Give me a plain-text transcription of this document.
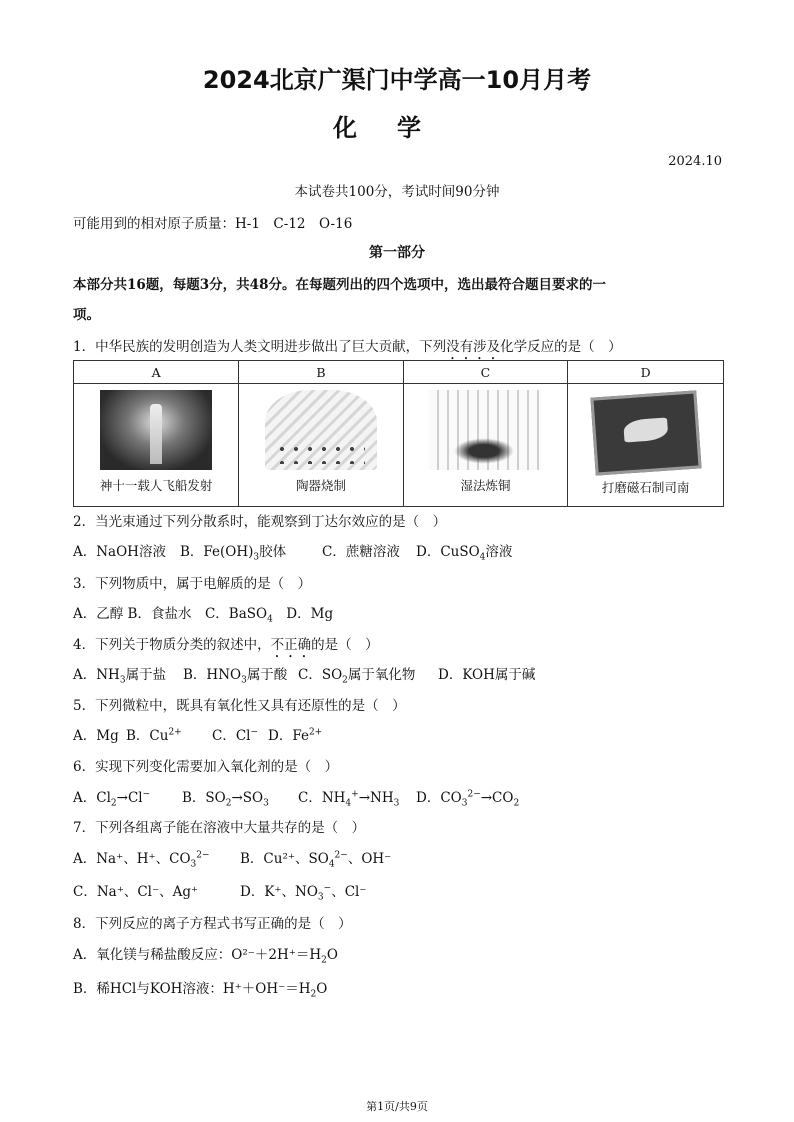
2024北京广渠门中学高一10月月考
化学
2024.10
本试卷共100分，考试时间90分钟
可能用到的相对原子质量：H-1　C-12　O-16
第一部分
本部分共16题，每题3分，共48分。在每题列出的四个选项中，选出最符合题目要求的一
项。
1．中华民族的发明创造为人类文明进步做出了巨大贡献，下列没有涉及化学反应的是（　）
A	B	C	D

神十一载人飞船发射	陶器烧制	湿法炼铜	打磨磁石制司南
2．当光束通过下列分散系时，能观察到丁达尔效应的是（　）
A．NaOH溶液 B．$Fe(OH)_3$胶体	C．蔗糖溶液 D．CuSO$_4$溶液
3．下列物质中，属于电解质的是（　）
A．乙醇 B．食盐水　C．BaSO$_4$　D．Mg
4．下列关于物质分类的叙述中，不正确的是（　）
A．$NH_3$属于盐 B．$HNO_3$属于酸 C．$SO_2$属于氧化物 D．KOH属于碱
5．下列微粒中，既具有氧化性又具有还原性的是（　）
A．Mg B．$Cu^{2+}$ C．Cl− D．$Fe^{2+}$
6．实现下列变化需要加入氧化剂的是（　）
A．$Cl_2\to Cl^-$ B．$SO_2\to SO_3$ C．$NH_4^+\to NH_3$ D．$CO_3^{2-}\to CO_2$
7．下列各组离子能在溶液中大量共存的是（　）
A．Na⁺、H⁺、$CO_3^{2-}$ B．Cu²⁺、$SO_4^{2-}$、OH⁻
C．Na⁺、Cl⁻、Ag⁺	D．K⁺、$NO_3^-$、Cl⁻
8．下列反应的离子方程式书写正确的是（　）
A．氧化镁与稀盐酸反应：$O^{2-}+2H^+=H_2O$
B．稀HCl与KOH溶液：$H^++OH^-=H_2O$
第1页/共9页
